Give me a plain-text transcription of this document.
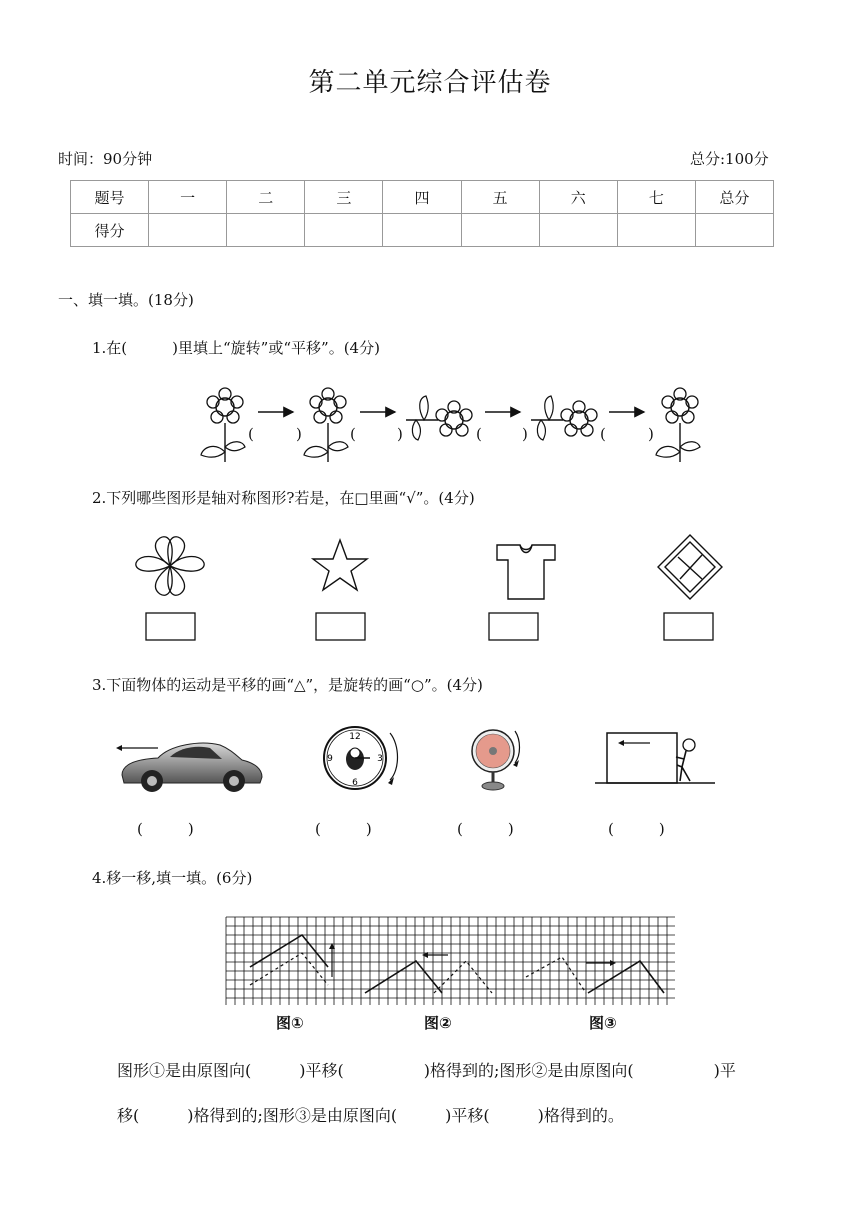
第二单元综合评估卷
时间：90分钟	总分:100分
题号	一	二	三	四	五	六	七	总分
得分								
一、填一填。(18分)
1.在(　　　)里填上“旋转”或“平移”。(4分)
(	)	(	)	(	)	(	)
2.下列哪些图形是轴对称图形?若是，在□里画“√”。(4分)
3.下面物体的运动是平移的画“△”，是旋转的画“○”。(4分)
12
3
6
9
(　　　)	(　　　)	(　　　)	(　　　)
4.移一移,填一填。(6分)
图①	图②	图③
图形①是由原图向(　　　)平移(　　　　　)格得到的;图形②是由原图向(　　　　　)平
移(　　　)格得到的;图形③是由原图向(　　　)平移(　　　)格得到的。
